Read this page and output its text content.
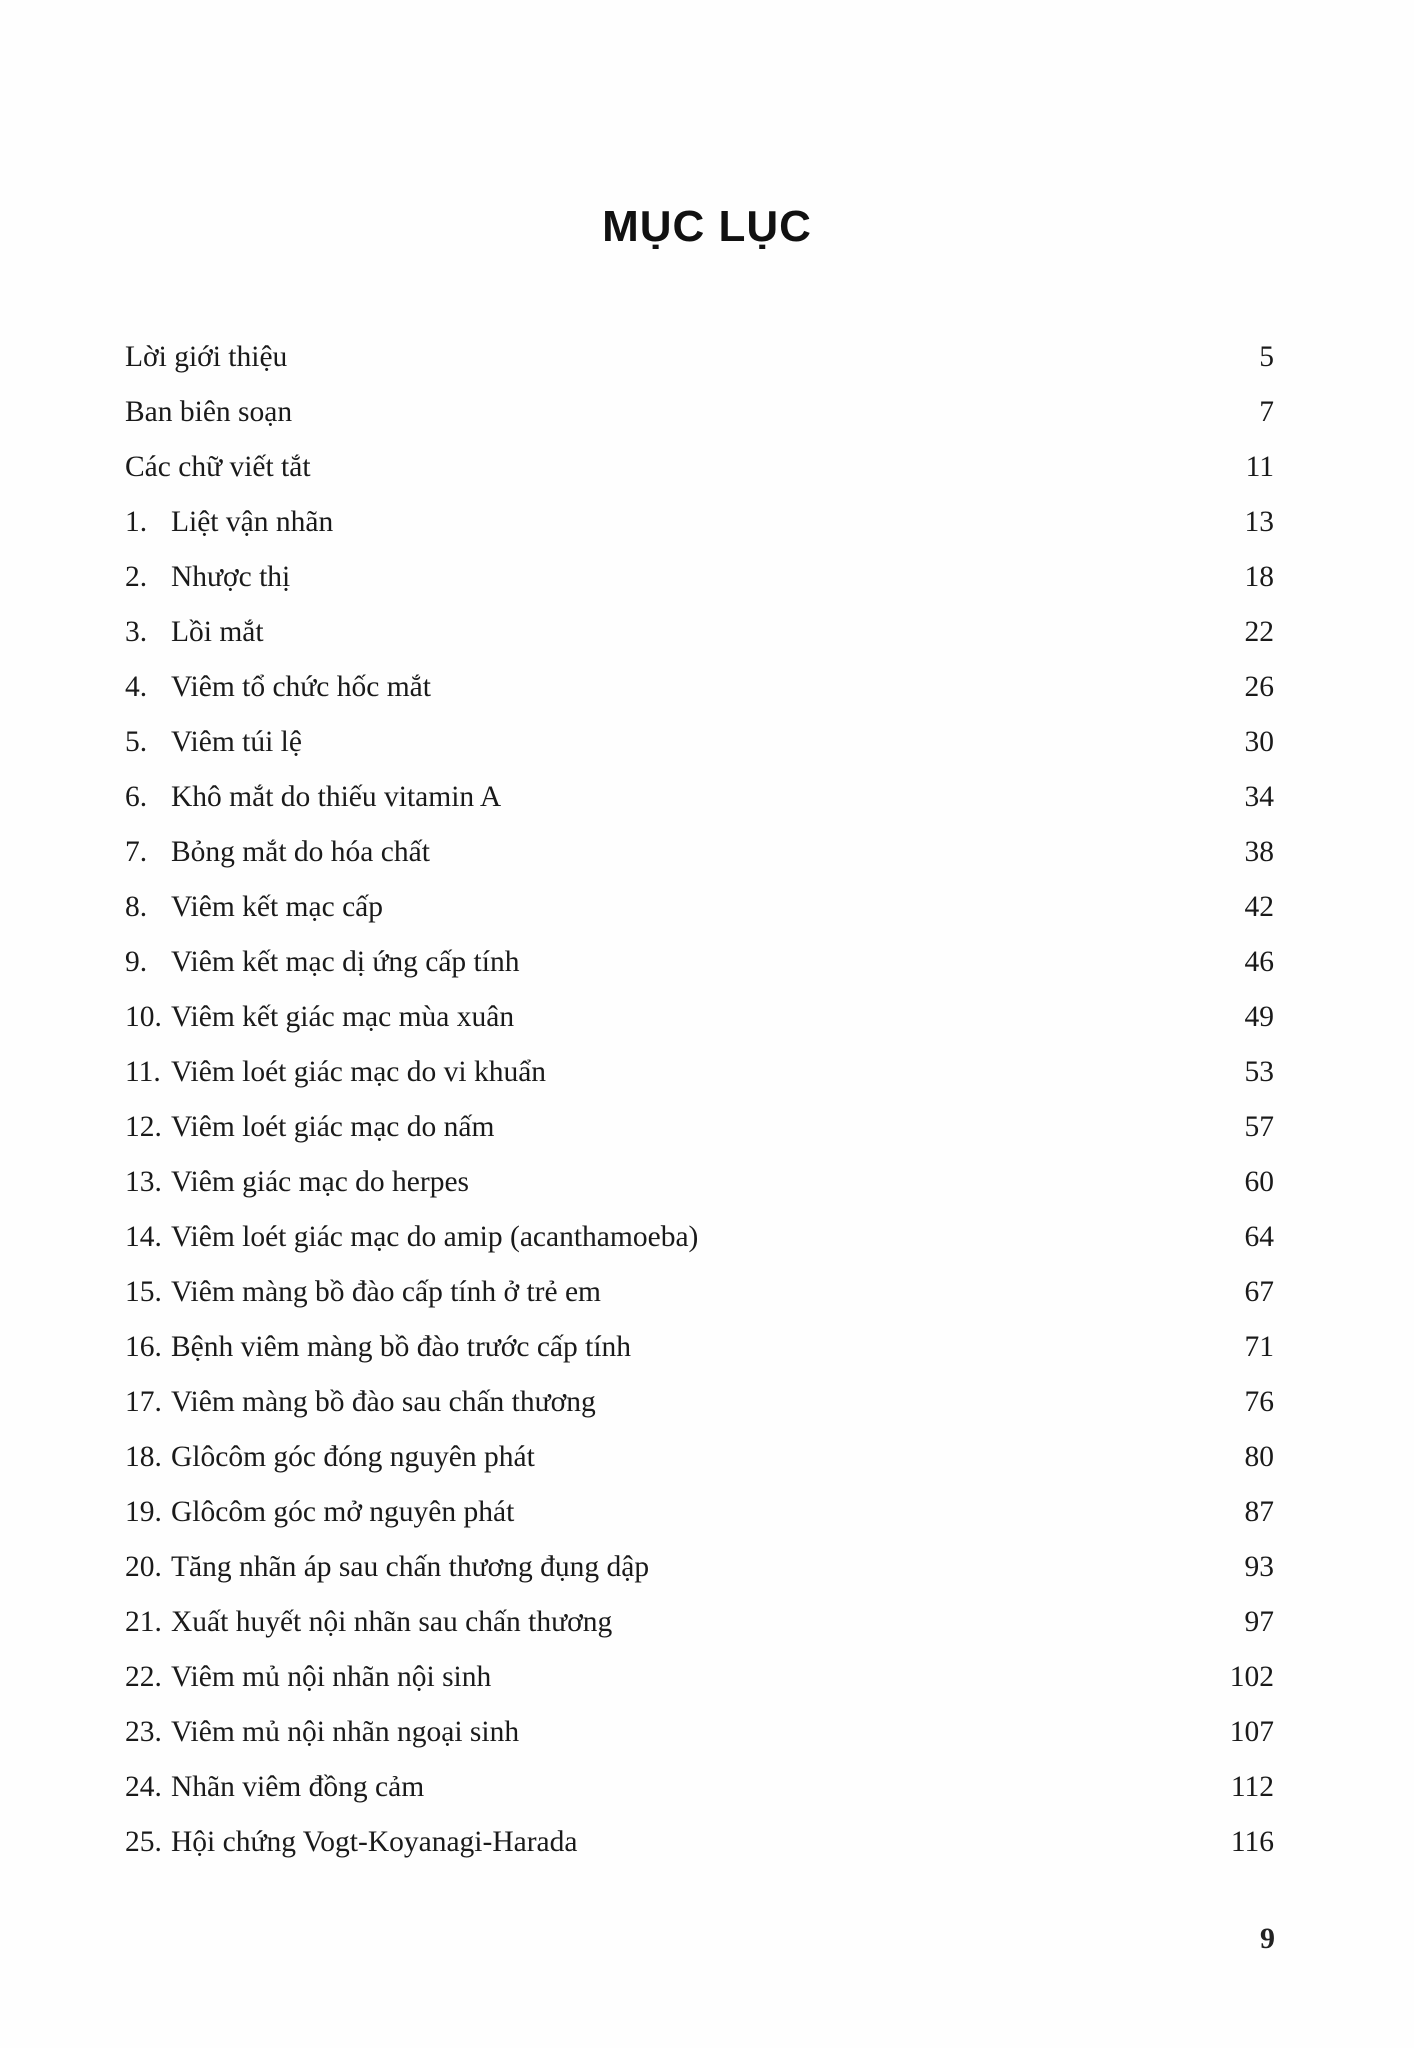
MỤC LỤC
Lời giới thiệu .....	5
Ban biên soạn .....	7
Các chữ viết tắt .....	11
1. Liệt vận nhãn .....	13
2. Nhược thị .....	18
3. Lồi mắt .....	22
4. Viêm tổ chức hốc mắt .....	26
5. Viêm túi lệ .....	30
6. Khô mắt do thiếu vitamin A .....	34
7. Bỏng mắt do hóa chất .....	38
8. Viêm kết mạc cấp .....	42
9. Viêm kết mạc dị ứng cấp tính .....	46
10. Viêm kết giác mạc mùa xuân .....	49
11. Viêm loét giác mạc do vi khuẩn .....	53
12. Viêm loét giác mạc do nấm .....	57
13. Viêm giác mạc do herpes .....	60
14. Viêm loét giác mạc do amip (acanthamoeba) .....	64
15. Viêm màng bồ đào cấp tính ở trẻ em .....	67
16. Bệnh viêm màng bồ đào trước cấp tính .....	71
17. Viêm màng bồ đào sau chấn thương .....	76
18. Glôcôm góc đóng nguyên phát .....	80
19. Glôcôm góc mở nguyên phát .....	87
20. Tăng nhãn áp sau chấn thương đụng dập .....	93
21. Xuất huyết nội nhãn sau chấn thương .....	97
22. Viêm mủ nội nhãn nội sinh .....	102
23. Viêm mủ nội nhãn ngoại sinh .....	107
24. Nhãn viêm đồng cảm .....	112
25. Hội chứng Vogt-Koyanagi-Harada .....	116
9
